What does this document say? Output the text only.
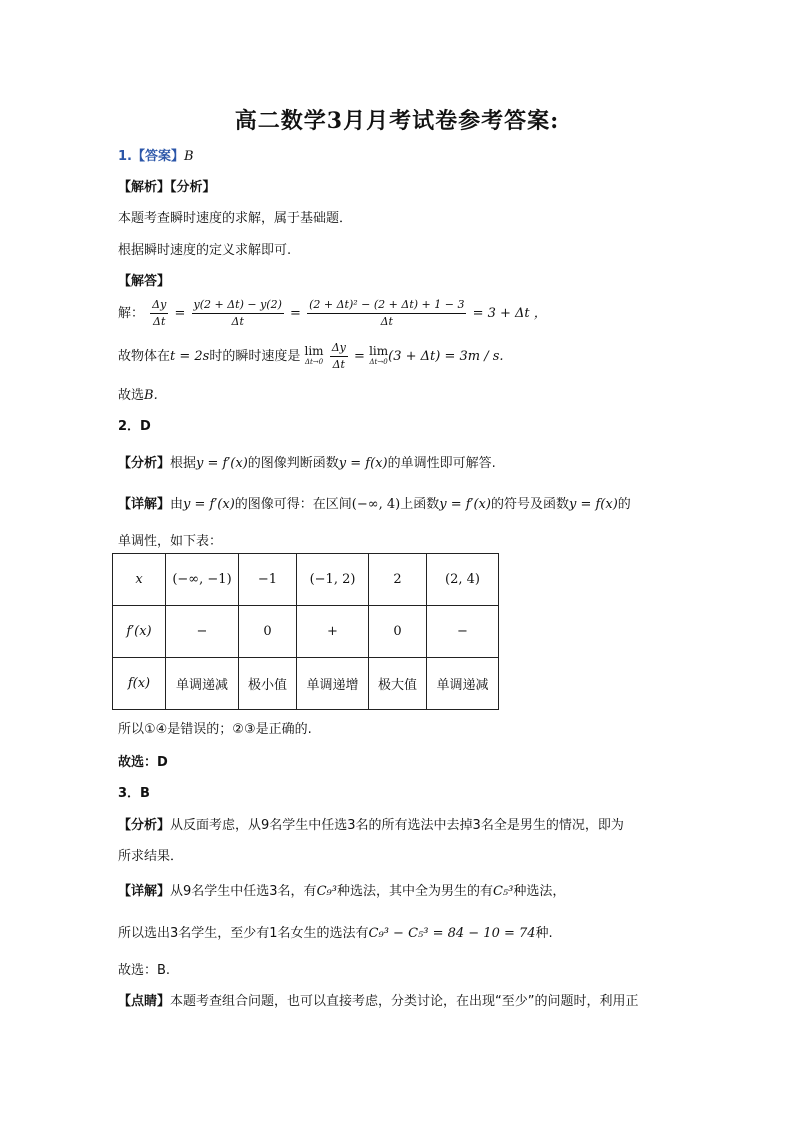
高二数学3月月考试卷参考答案:
1.【答案】B
【解析】【分析】
本题考查瞬时速度的求解，属于基础题．
根据瞬时速度的定义求解即可.
【解答】
解： $\frac{\Delta y}{\Delta t} = \frac{y(2 + \Delta t) - y(2)}{\Delta t} = \frac{\text{(2 + Δt)² − (2 + Δt) + 1 − 3}}{\Delta t} = 3 + \Delta t$ ，
故物体在t = 2s时的瞬时速度是 lim
Δt→0
$\frac{\Delta y}{\Delta t} = \lim$
Δt→0 (3 + Δt) = 3m / s.
故选B.
2．D
【分析】根据y = f′(x)的图像判断函数y = f(x)的单调性即可解答.
【详解】由y = f′(x)的图像可得：在区间(−∞, 4)上函数y = f′(x)的符号及函数y = f(x)的
单调性，如下表：
x	(−∞, −1)	−1	(−1, 2)	2	(2, 4)
f′(x)	−	0	+	0	−
f(x)	单调递减	极小值	单调递增	极大值	单调递减
所以①④是错误的；②③是正确的.
故选：D
3．B
【分析】从反面考虑，从9名学生中任选3名的所有选法中去掉3名全是男生的情况，即为
所求结果．
【详解】从9名学生中任选3名，有C₉³种选法，其中全为男生的有C₅³种选法，
所以选出3名学生，至少有1名女生的选法有C₉³ − C₅³ = 84 − 10 = 74种.
故选：B.
【点睛】本题考查组合问题，也可以直接考虑，分类讨论，在出现“至少”的问题时，利用正
